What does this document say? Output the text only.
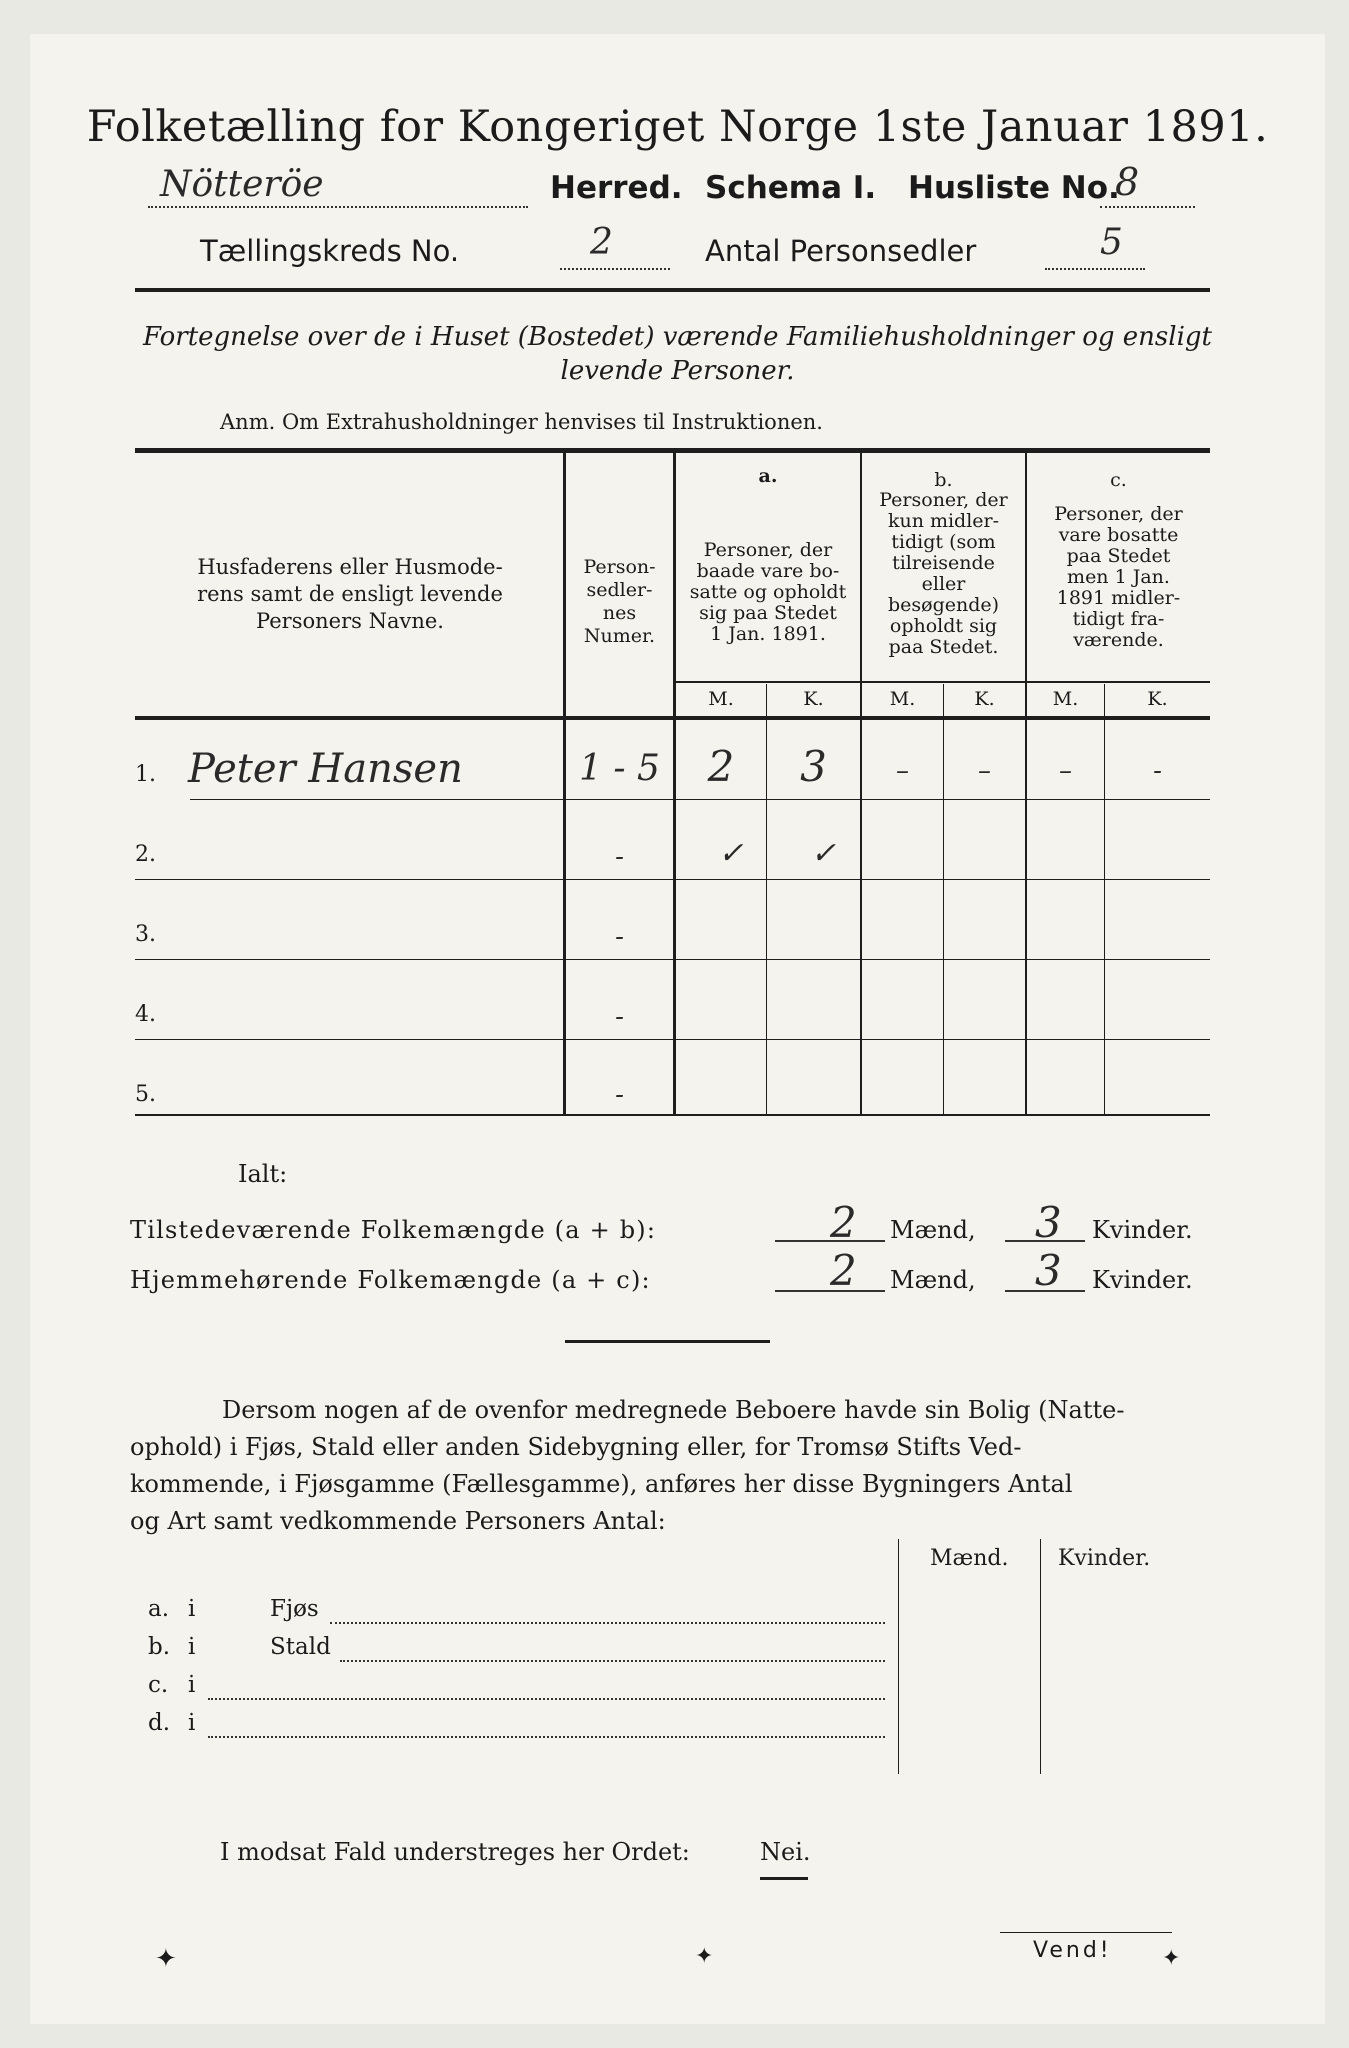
Folketælling for Kongeriget Norge 1ste Januar 1891.
Nötteröe	Herred. Schema I. Husliste No.
8
Tællingskreds No.	2	Antal Personsedler	5
Fortegnelse over de i Huset (Bostedet) værende Familiehusholdninger og ensligt
levende Personer.
Anm. Om Extrahusholdninger henvises til Instruktionen.
Husfaderens eller Husmode-
rens samt de ensligt levende
Personers Navne.
Person-
sedler-
nes
Numer.
a.
Personer, der
baade vare bo-
satte og opholdt
sig paa Stedet
1 Jan. 1891.
b.
Personer, der
kun midler-
tidigt (som
tilreisende
eller
besøgende)
opholdt sig
paa Stedet.
c.
Personer, der
vare bosatte
paa Stedet
men 1 Jan.
1891 midler-
tidigt fra-
værende.
M.	K.	M.	K.	M.	K.
1. Peter Hansen	1 - 5	2	3	–	–	–	-
2.	-	✓	✓
3.	-
4.	-
5.	-
Ialt:
Tilstedeværende Folkemængde (a + b):	2 Mænd, 3 Kvinder.
Hjemmehørende Folkemængde (a + c):	2 Mænd, 3 Kvinder.
Dersom nogen af de ovenfor medregnede Beboere havde sin Bolig (Natte-
ophold) i Fjøs, Stald eller anden Sidebygning eller, for Tromsø Stifts Ved-
kommende, i Fjøsgamme (Fællesgamme), anføres her disse Bygningers Antal
og Art samt vedkommende Personers Antal:
Mænd. Kvinder.
a. i	Fjøs
b. i	Stald
c. i
d. i
I modsat Fald understreges her Ordet:	Nei.
Vend!
✦	✦	✦
